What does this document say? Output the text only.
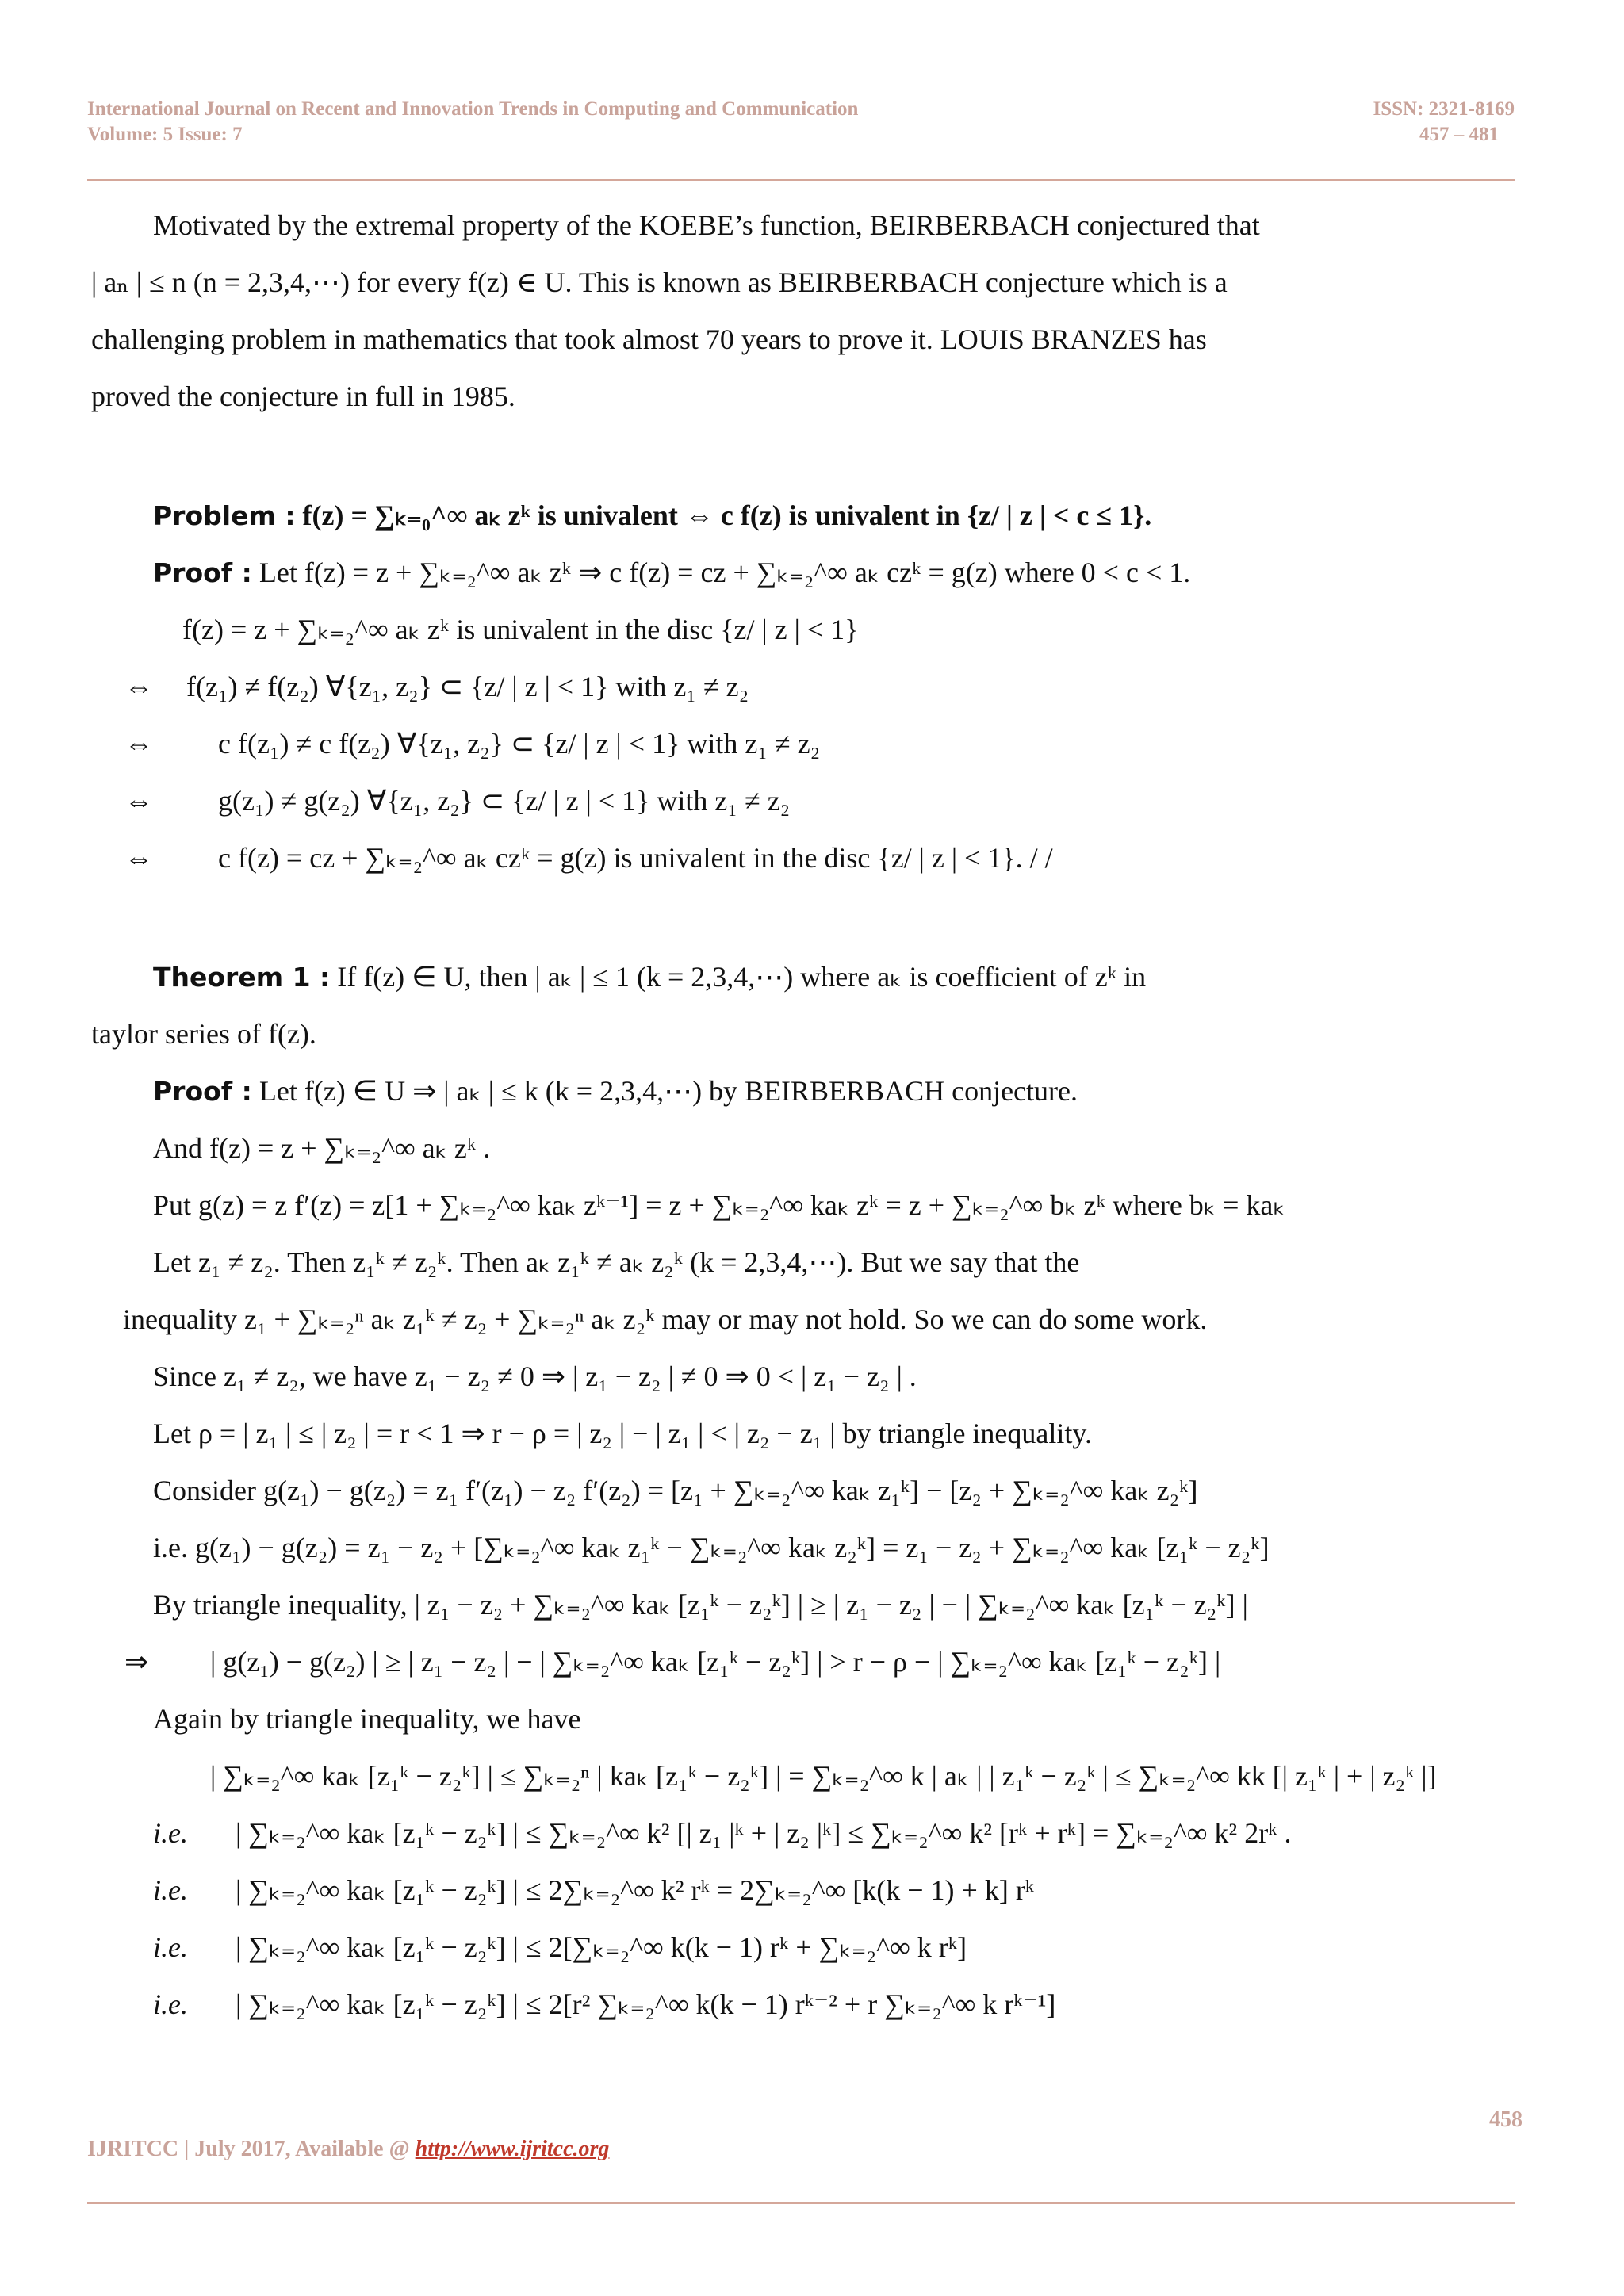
International Journal on Recent and Innovation Trends in Computing and Communication
Volume: 5 Issue: 7
ISSN: 2321-8169
457 – 481
Motivated by the extremal property of the KOEBE’s function, BEIRBERBACH conjectured that
| aₙ | ≤ n (n = 2,3,4,⋯) for every f(z) ∈ U. This is known as BEIRBERBACH conjecture which is a
challenging problem in mathematics that took almost 70 years to prove it. LOUIS BRANZES has
proved the conjecture in full in 1985.
Problem : f(z) = ∑ₖ₌₀^∞ aₖ zᵏ is univalent ⇔ c f(z) is univalent in {z/ | z | < c ≤ 1}.
Proof : Let f(z) = z + ∑ₖ₌₂^∞ aₖ zᵏ ⇒ c f(z) = cz + ∑ₖ₌₂^∞ aₖ czᵏ = g(z) where 0 < c < 1.
f(z) = z + ∑ₖ₌₂^∞ aₖ zᵏ is univalent in the disc {z/ | z | < 1}
⇔ f(z₁) ≠ f(z₂) ∀{z₁, z₂} ⊂ {z/ | z | < 1} with z₁ ≠ z₂
⇔ c f(z₁) ≠ c f(z₂) ∀{z₁, z₂} ⊂ {z/ | z | < 1} with z₁ ≠ z₂
⇔ g(z₁) ≠ g(z₂) ∀{z₁, z₂} ⊂ {z/ | z | < 1} with z₁ ≠ z₂
⇔ c f(z) = cz + ∑ₖ₌₂^∞ aₖ czᵏ = g(z) is univalent in the disc {z/ | z | < 1}. / /
Theorem 1 : If f(z) ∈ U, then | aₖ | ≤ 1 (k = 2,3,4,⋯) where aₖ is coefficient of zᵏ in
taylor series of f(z).
Proof : Let f(z) ∈ U ⇒ | aₖ | ≤ k (k = 2,3,4,⋯) by BEIRBERBACH conjecture.
And f(z) = z + ∑ₖ₌₂^∞ aₖ zᵏ .
Put g(z) = z f′(z) = z[1 + ∑ₖ₌₂^∞ kaₖ zᵏ⁻¹] = z + ∑ₖ₌₂^∞ kaₖ zᵏ = z + ∑ₖ₌₂^∞ bₖ zᵏ where bₖ = kaₖ
Let z₁ ≠ z₂. Then z₁ᵏ ≠ z₂ᵏ. Then aₖ z₁ᵏ ≠ aₖ z₂ᵏ (k = 2,3,4,⋯). But we say that the
inequality z₁ + ∑ₖ₌₂ⁿ aₖ z₁ᵏ ≠ z₂ + ∑ₖ₌₂ⁿ aₖ z₂ᵏ may or may not hold. So we can do some work.
Since z₁ ≠ z₂, we have z₁ − z₂ ≠ 0 ⇒ | z₁ − z₂ | ≠ 0 ⇒ 0 < | z₁ − z₂ | .
Let ρ = | z₁ | ≤ | z₂ | = r < 1 ⇒ r − ρ = | z₂ | − | z₁ | < | z₂ − z₁ | by triangle inequality.
Consider g(z₁) − g(z₂) = z₁ f′(z₁) − z₂ f′(z₂) = [z₁ + ∑ₖ₌₂^∞ kaₖ z₁ᵏ] − [z₂ + ∑ₖ₌₂^∞ kaₖ z₂ᵏ]
i.e. g(z₁) − g(z₂) = z₁ − z₂ + [∑ₖ₌₂^∞ kaₖ z₁ᵏ − ∑ₖ₌₂^∞ kaₖ z₂ᵏ] = z₁ − z₂ + ∑ₖ₌₂^∞ kaₖ [z₁ᵏ − z₂ᵏ]
By triangle inequality, | z₁ − z₂ + ∑ₖ₌₂^∞ kaₖ [z₁ᵏ − z₂ᵏ] | ≥ | z₁ − z₂ | − | ∑ₖ₌₂^∞ kaₖ [z₁ᵏ − z₂ᵏ] |
⇒ | g(z₁) − g(z₂) | ≥ | z₁ − z₂ | − | ∑ₖ₌₂^∞ kaₖ [z₁ᵏ − z₂ᵏ] | > r − ρ − | ∑ₖ₌₂^∞ kaₖ [z₁ᵏ − z₂ᵏ] |
Again by triangle inequality, we have
| ∑ₖ₌₂^∞ kaₖ [z₁ᵏ − z₂ᵏ] | ≤ ∑ₖ₌₂ⁿ | kaₖ [z₁ᵏ − z₂ᵏ] | = ∑ₖ₌₂^∞ k | aₖ | | z₁ᵏ − z₂ᵏ | ≤ ∑ₖ₌₂^∞ kk [| z₁ᵏ | + | z₂ᵏ |]
i.e. | ∑ₖ₌₂^∞ kaₖ [z₁ᵏ − z₂ᵏ] | ≤ ∑ₖ₌₂^∞ k² [| z₁ |ᵏ + | z₂ |ᵏ] ≤ ∑ₖ₌₂^∞ k² [rᵏ + rᵏ] = ∑ₖ₌₂^∞ k² 2rᵏ .
i.e. | ∑ₖ₌₂^∞ kaₖ [z₁ᵏ − z₂ᵏ] | ≤ 2∑ₖ₌₂^∞ k² rᵏ = 2∑ₖ₌₂^∞ [k(k − 1) + k] rᵏ
i.e. | ∑ₖ₌₂^∞ kaₖ [z₁ᵏ − z₂ᵏ] | ≤ 2[∑ₖ₌₂^∞ k(k − 1) rᵏ + ∑ₖ₌₂^∞ k rᵏ]
i.e. | ∑ₖ₌₂^∞ kaₖ [z₁ᵏ − z₂ᵏ] | ≤ 2[r² ∑ₖ₌₂^∞ k(k − 1) rᵏ⁻² + r ∑ₖ₌₂^∞ k rᵏ⁻¹]
458
IJRITCC | July 2017, Available @ http://www.ijritcc.org
